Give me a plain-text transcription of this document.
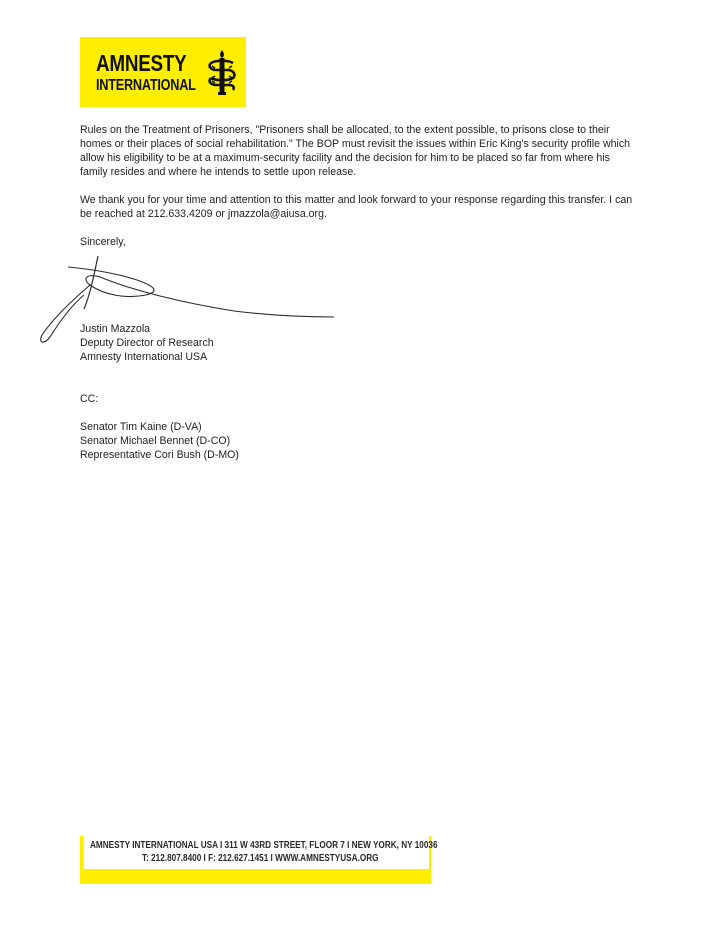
AMNESTY
INTERNATIONAL

Rules on the Treatment of Prisoners, "Prisoners shall be allocated, to the extent possible, to prisons close to their homes or their places of social rehabilitation." The BOP must revisit the issues within Eric King's security profile which allow his eligibility to be at a maximum-security facility and the decision for him to be placed so far from where his family resides and where he intends to settle upon release.

We thank you for your time and attention to this matter and look forward to your response regarding this transfer. I can be reached at 212.633.4209 or jmazzola@aiusa.org.

Sincerely,

Justin Mazzola
Deputy Director of Research
Amnesty International USA
CC:
Senator Tim Kaine (D-VA)
Senator Michael Bennet (D-CO)
Representative Cori Bush (D-MO)
AMNESTY INTERNATIONAL USA I 311 W 43RD STREET, FLOOR 7 I NEW YORK, NY 10036
T: 212.807.8400 I F: 212.627.1451 I WWW.AMNESTYUSA.ORG
